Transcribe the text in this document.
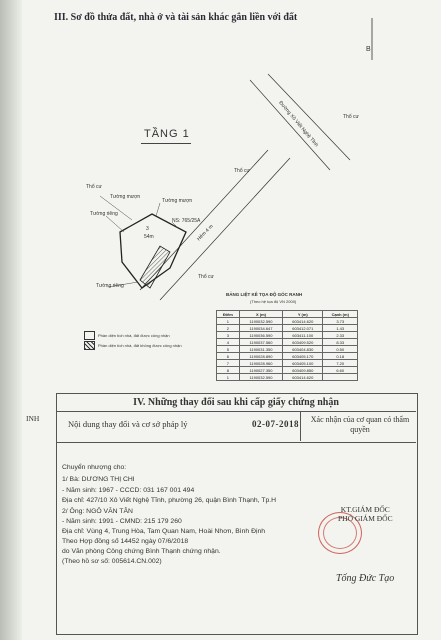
III. Sơ đồ thửa đất, nhà ở và tài sản khác gắn liền với đất
B
TẦNG 1
Thổ cư
Thổ cư
Thổ cư
Thổ cư
Đường Xô Viết Nghệ Tĩnh
Hẻm 4 m
Tường mượn
Tường mượn
Tường riêng
Tường riêng
NS: 765/25A
3
54m
Phần diện tích nhà, đất được công nhận
Phần diện tích nhà, đất không được công nhận
BẢNG LIỆT KÊ TỌA ĐỘ GÓC RANH
(Theo hệ tọa độ VN 2000)
Điểm	X (m)	Y (m)	Cạnh (m)
1	1190032.590	603414.620	3.73
2	1190034.647	603412.071	1.43
3	1190036.590	603411.100	2.33
4	1190037.560	603409.520	8.33
5	1190031.350	603404.830	0.50
6	1190028.890	603405.170	0.18
7	1190028.960	603405.100	7.20
8	1190027.350	603409.850	6.60
1	1190032.590	603414.620	
INH
IV. Những thay đổi sau khi cấp giấy chứng nhận
Nội dung thay đổi và cơ sở pháp lý	02-07-2018	Xác nhận của cơ quan có thẩm quyền
Chuyển nhượng cho:
1/ Bà: DƯƠNG THỊ CHI
- Năm sinh: 1967 - CCCD: 031 167 001 494
Địa chỉ: 427/10 Xô Viết Nghệ Tĩnh, phường 26, quận Bình Thạnh, Tp.H
2/ Ông: NGÔ VĂN TÂN
- Năm sinh: 1991 - CMND: 215 179 260
Địa chỉ: Vùng 4, Trung Hòa, Tam Quan Nam, Hoài Nhơn, Bình Định
Theo Hợp đồng số 14452 ngày 07/6/2018
do Văn phòng Công chứng Bình Thạnh chứng nhận.
(Theo hồ sơ số: 005614.CN.002)
KT.GIÁM ĐỐC
PHÓ GIÁM ĐỐC
Tống Đức Tạo
